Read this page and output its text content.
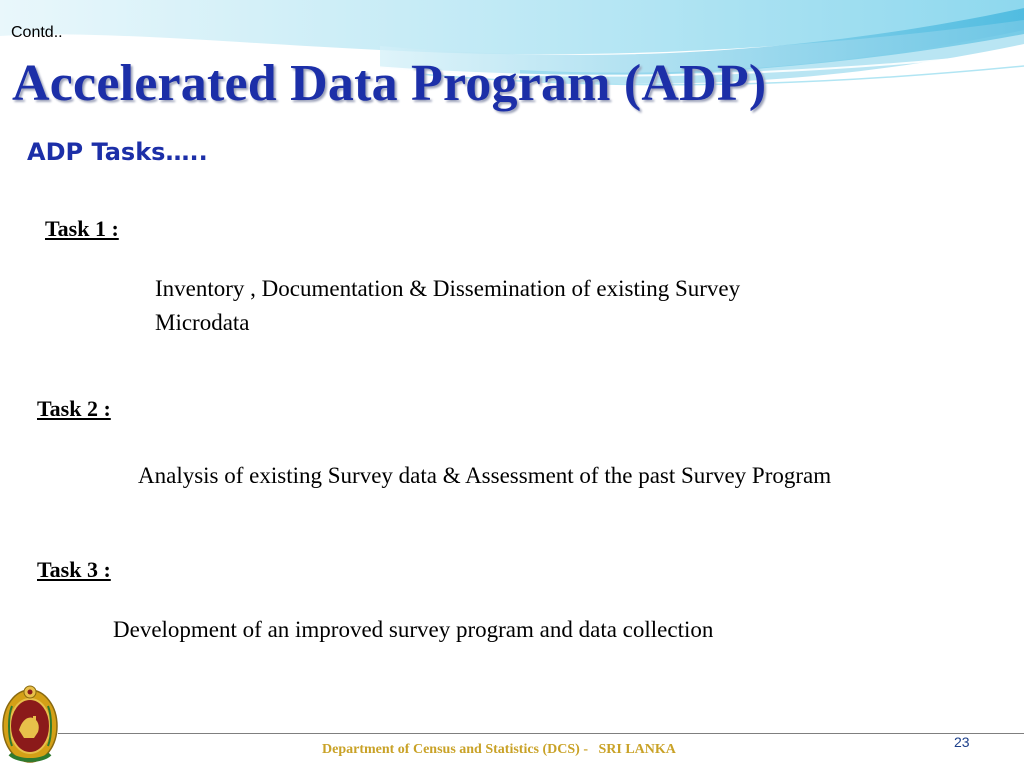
Contd..
Accelerated Data Program (ADP)
ADP Tasks…..
Task 1 :
Inventory , Documentation & Dissemination of existing Survey
Microdata
Task 2 :
Analysis of existing Survey data & Assessment of the past Survey Program
Task 3 :
Development of an improved survey program and data collection
Department of Census and Statistics (DCS) -   SRI LANKA	23
